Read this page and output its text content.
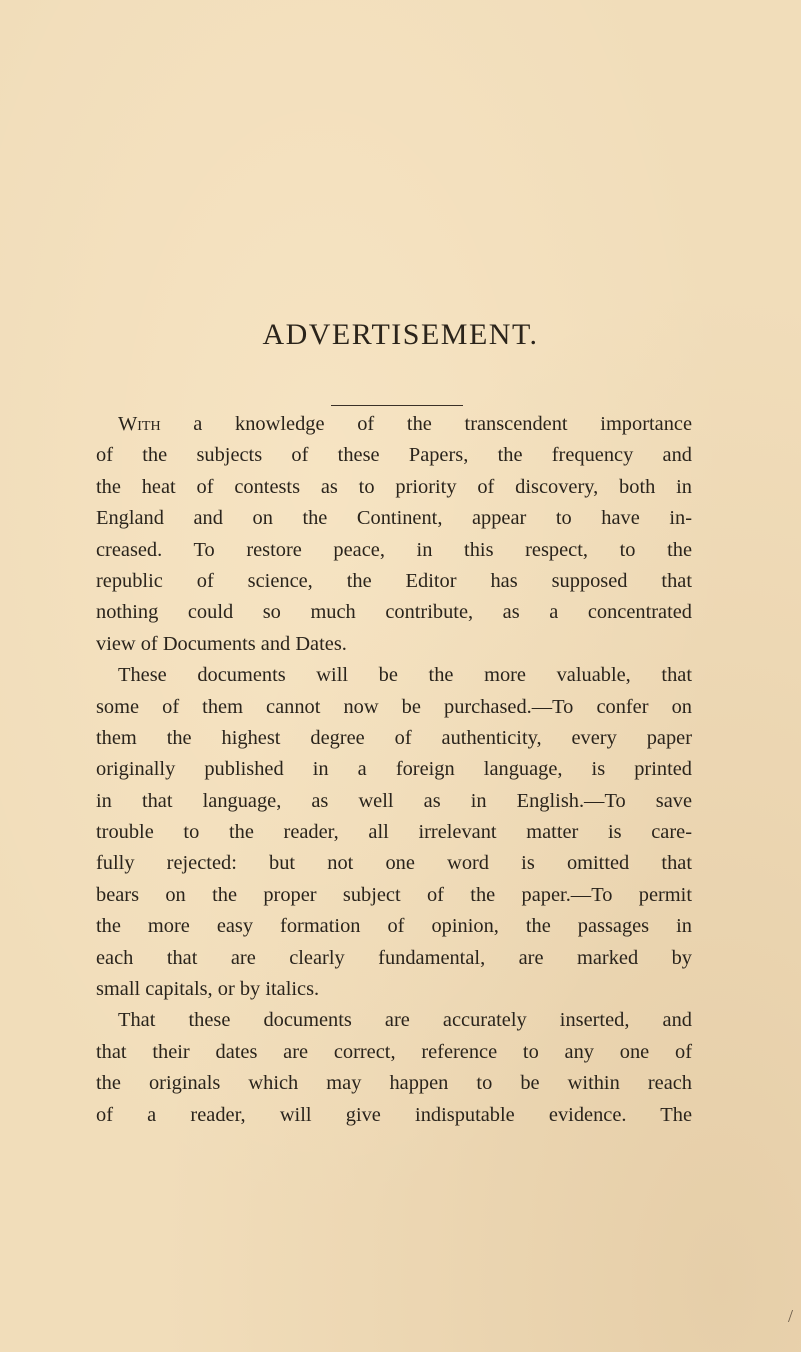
ADVERTISEMENT.
With a knowledge of the transcendent importance
of the subjects of these Papers, the frequency and
the heat of contests as to priority of discovery, both in
England and on the Continent, appear to have in-
creased. To restore peace, in this respect, to the
republic of science, the Editor has supposed that
nothing could so much contribute, as a concentrated
view of Documents and Dates.
These documents will be the more valuable, that
some of them cannot now be purchased.—To confer on
them the highest degree of authenticity, every paper
originally published in a foreign language, is printed
in that language, as well as in English.—To save
trouble to the reader, all irrelevant matter is care-
fully rejected: but not one word is omitted that
bears on the proper subject of the paper.—To permit
the more easy formation of opinion, the passages in
each that are clearly fundamental, are marked by
small capitals, or by italics.
That these documents are accurately inserted, and
that their dates are correct, reference to any one of
the originals which may happen to be within reach
of a reader, will give indisputable evidence. The
/
